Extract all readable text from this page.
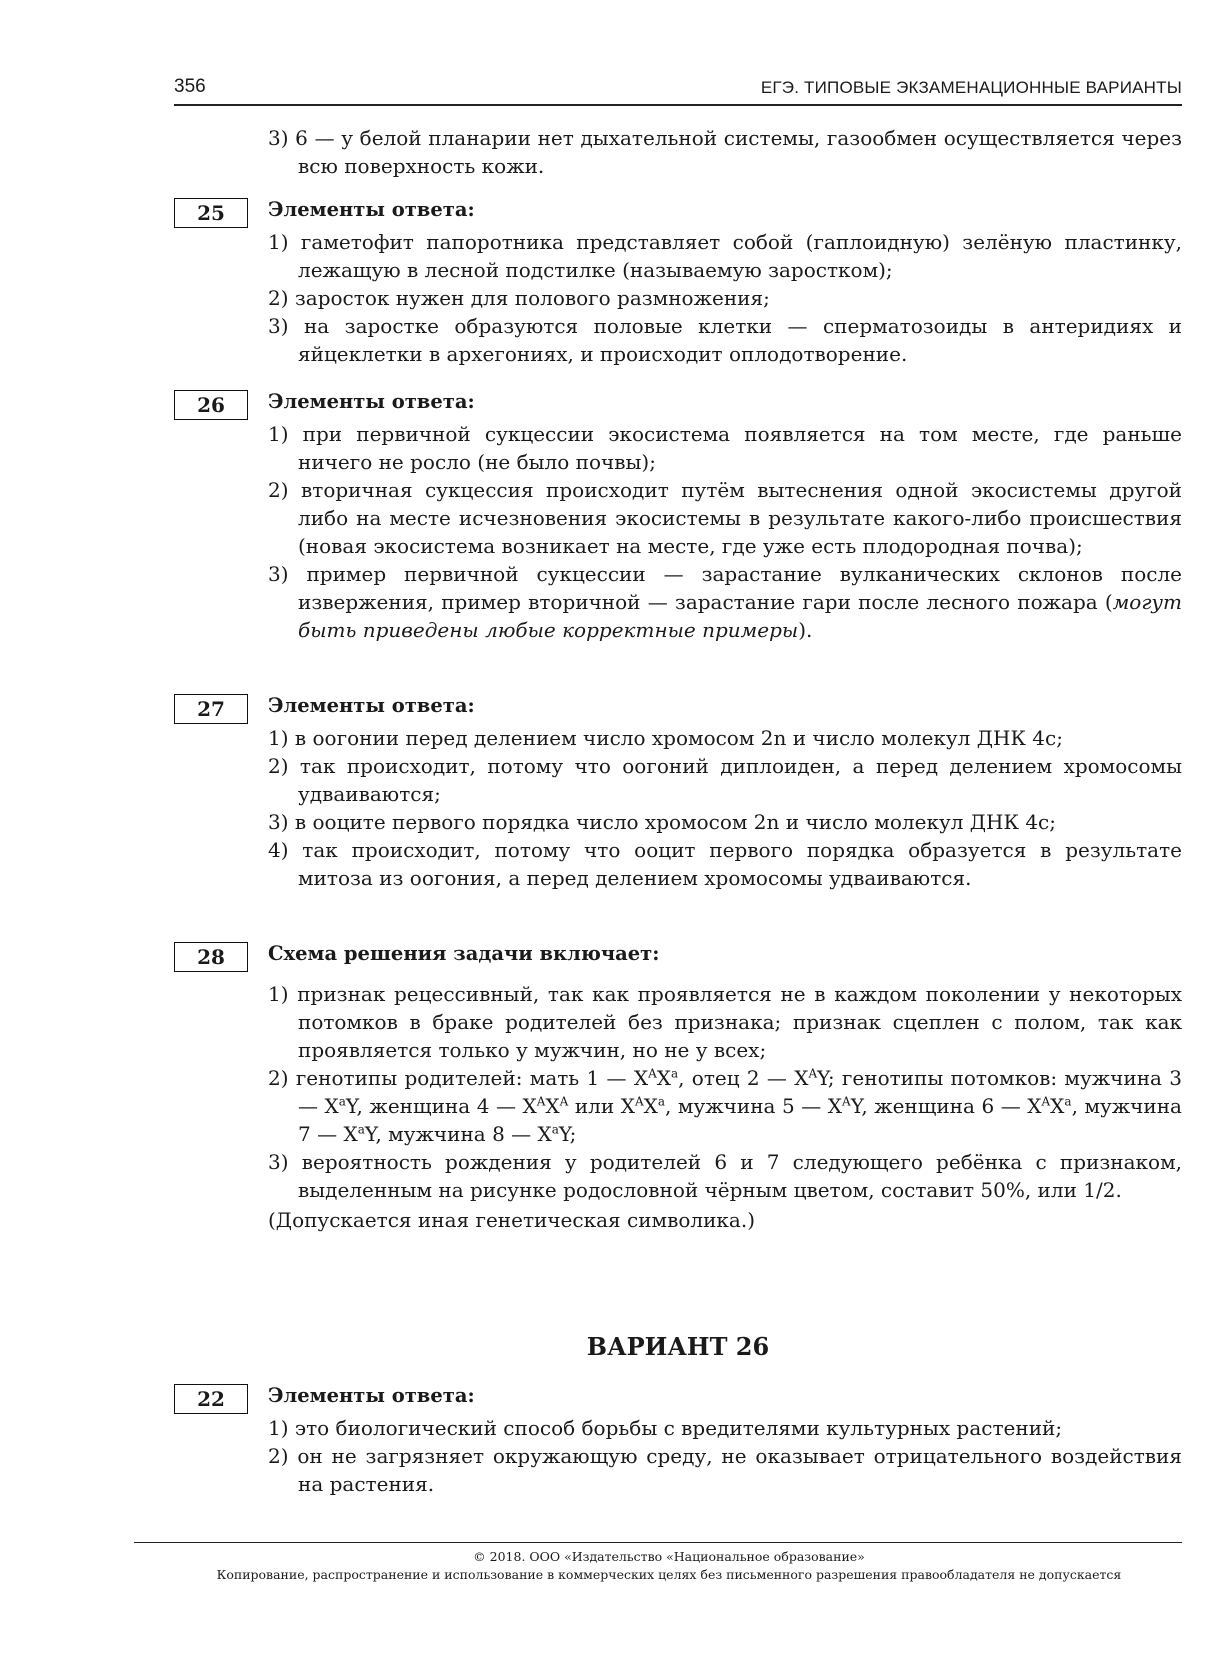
356	ЕГЭ. ТИПОВЫЕ ЭКЗАМЕНАЦИОННЫЕ ВАРИАНТЫ
3) 6 — у белой планарии нет дыхательной системы, газообмен осуществляется через всю поверхность кожи.
25	Элементы ответа:
1) гаметофит папоротника представляет собой (гаплоидную) зелёную пластинку, лежащую в лесной подстилке (называемую заростком);
2) заросток нужен для полового размножения;
3) на заростке образуются половые клетки — сперматозоиды в антеридиях и яйцеклетки в архегониях, и происходит оплодотворение.
26	Элементы ответа:
1) при первичной сукцессии экосистема появляется на том месте, где раньше ничего не росло (не было почвы);
2) вторичная сукцессия происходит путём вытеснения одной экосистемы другой либо на месте исчезновения экосистемы в результате какого-либо происшествия (новая экосистема возникает на месте, где уже есть плодородная почва);
3) пример первичной сукцессии — зарастание вулканических склонов после извержения, пример вторичной — зарастание гари после лесного пожара (могут быть приведены любые корректные примеры).
27	Элементы ответа:
1) в оогонии перед делением число хромосом 2n и число молекул ДНК 4c;
2) так происходит, потому что оогоний диплоиден, а перед делением хромосомы удваиваются;
3) в ооците первого порядка число хромосом 2n и число молекул ДНК 4c;
4) так происходит, потому что ооцит первого порядка образуется в результате митоза из оогония, а перед делением хромосомы удваиваются.
28	Схема решения задачи включает:
1) признак рецессивный, так как проявляется не в каждом поколении у некоторых потомков в браке родителей без признака; признак сцеплен с полом, так как проявляется только у мужчин, но не у всех;
2) генотипы родителей: мать 1 — $X^AX^a$, отец 2 — $X^AY$; генотипы потомков: мужчина 3 — $X^aY$, женщина 4 — $X^AX^A$ или $X^AX^a$, мужчина 5 — $X^AY$, женщина 6 — $X^AX^a$, мужчина 7 — $X^aY$, мужчина 8 — $X^aY$;
3) вероятность рождения у родителей 6 и 7 следующего ребёнка с признаком, выделенным на рисунке родословной чёрным цветом, составит 50%, или 1/2.
(Допускается иная генетическая символика.)
ВАРИАНТ 26
22	Элементы ответа:
1) это биологический способ борьбы с вредителями культурных растений;
2) он не загрязняет окружающую среду, не оказывает отрицательного воздействия на растения.
© 2018. ООО «Издательство «Национальное образование»
Копирование, распространение и использование в коммерческих целях без письменного разрешения правообладателя не допускается
